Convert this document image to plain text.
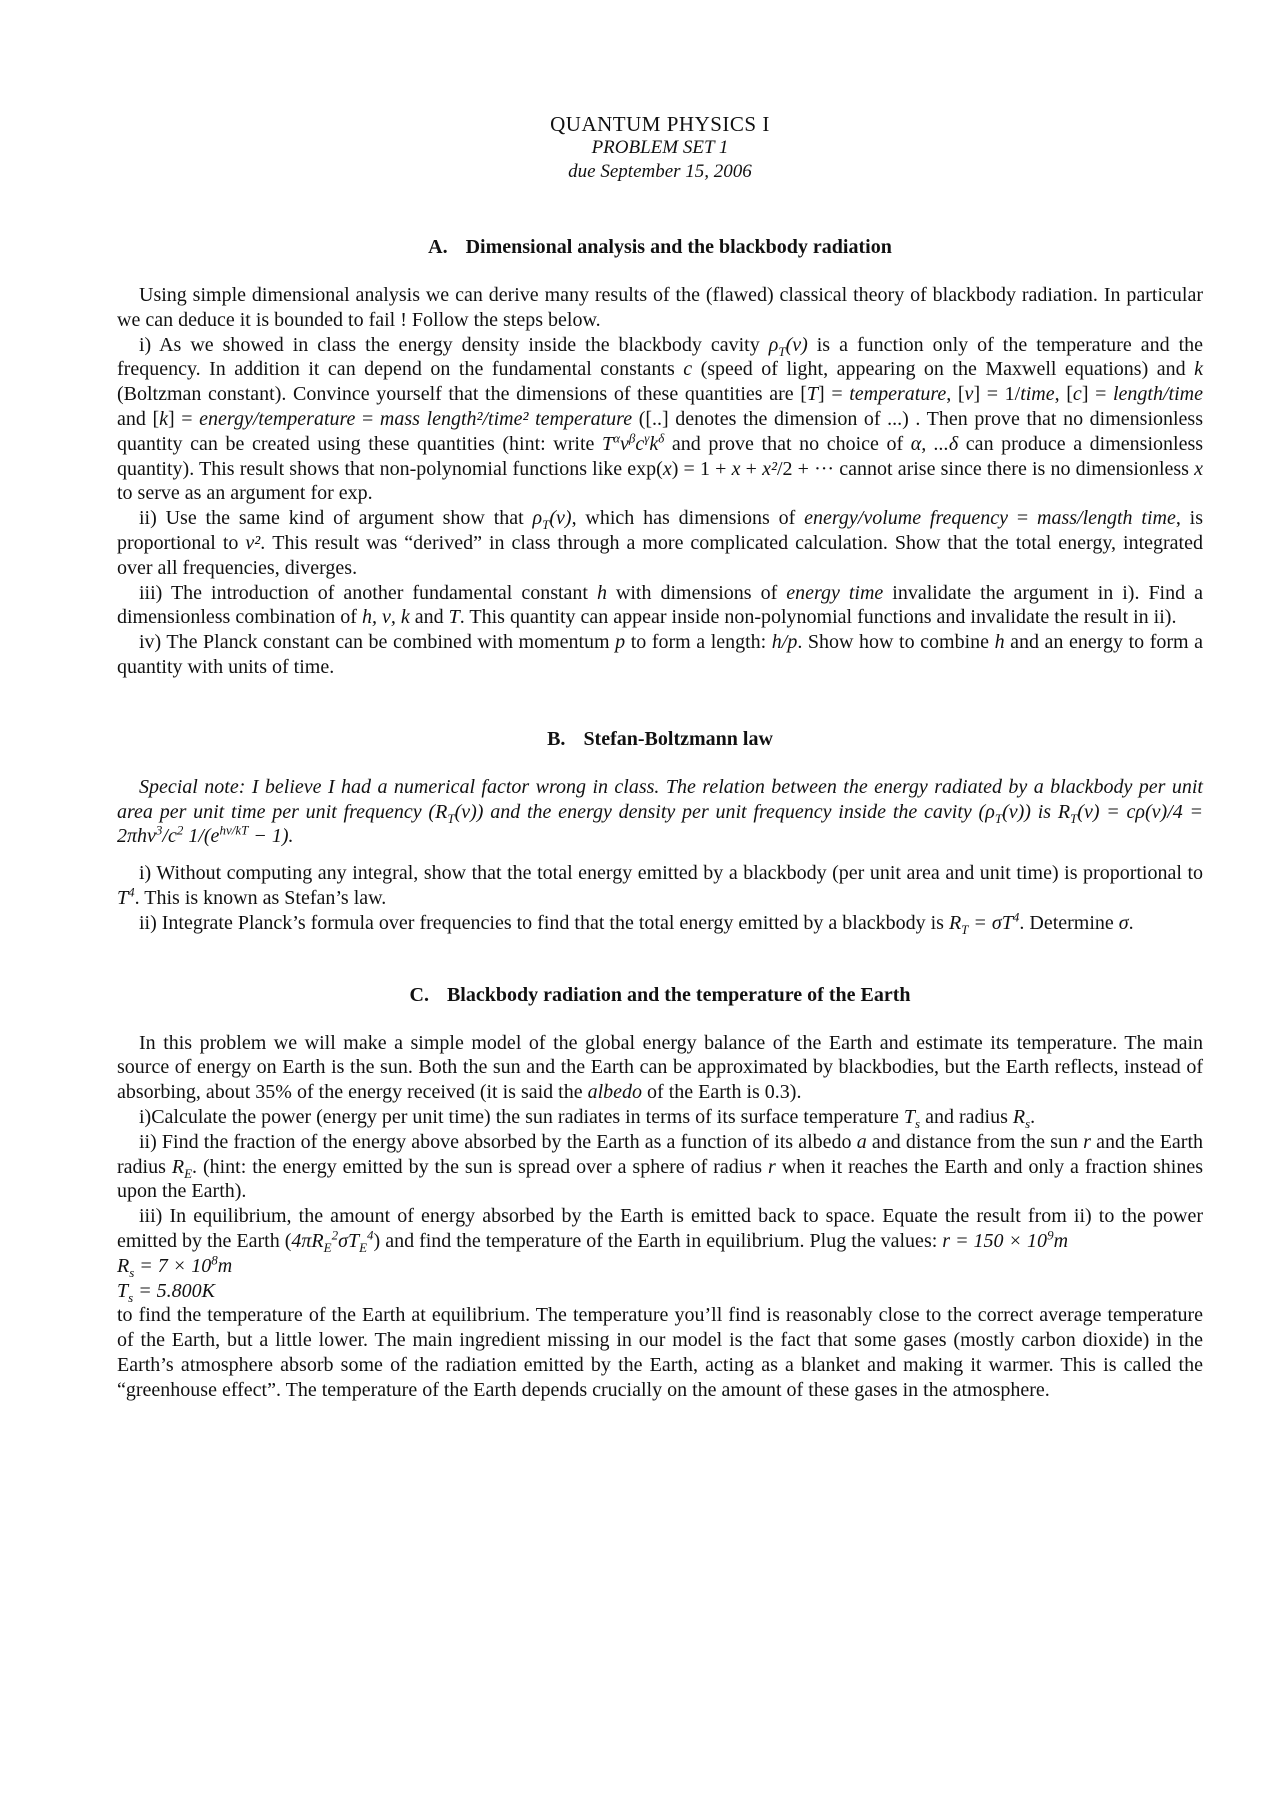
QUANTUM PHYSICS I
PROBLEM SET 1
due September 15, 2006
A. Dimensional analysis and the blackbody radiation

Using simple dimensional analysis we can derive many results of the (flawed) classical theory of blackbody radiation. In particular we can deduce it is bounded to fail ! Follow the steps below.

i) As we showed in class the energy density inside the blackbody cavity $\rho_T(\nu)$ is a function only of the temperature and the frequency. In addition it can depend on the fundamental constants c (speed of light, appearing on the Maxwell equations) and k (Boltzman constant). Convince yourself that the dimensions of these quantities are [T] = temperature, [ν] = 1/time, [c] = length/time and [k] = energy/temperature = mass length²/time² temperature ([..] denotes the dimension of ...) . Then prove that no dimensionless quantity can be created using these quantities (hint: write $T^\alpha\nu^\beta c^\gamma k^\delta$ and prove that no choice of α, ...δ can produce a dimensionless quantity). This result shows that non-polynomial functions like exp(x) = 1 + x + x²/2 + ··· cannot arise since there is no dimensionless x to serve as an argument for exp.

ii) Use the same kind of argument show that $\rho_T(\nu)$, which has dimensions of energy/volume frequency = mass/length time, is proportional to ν². This result was “derived” in class through a more complicated calculation. Show that the total energy, integrated over all frequencies, diverges.

iii) The introduction of another fundamental constant h with dimensions of energy time invalidate the argument in i). Find a dimensionless combination of h, ν, k and T. This quantity can appear inside non-polynomial functions and invalidate the result in ii).

iv) The Planck constant can be combined with momentum p to form a length: h/p. Show how to combine h and an energy to form a quantity with units of time.

B. Stefan-Boltzmann law

Special note: I believe I had a numerical factor wrong in class. The relation between the energy radiated by a blackbody per unit area per unit time per unit frequency $(R_T(\nu))$ and the energy density per unit frequency inside the cavity $(\rho_T(\nu))$ is $R_T(\nu) = c\rho(\nu)/4 = 2\pi h\nu^3/c^2$ $1/(e^{h\nu/kT} - 1)$.

i) Without computing any integral, show that the total energy emitted by a blackbody (per unit area and unit time) is proportional to $T^4$. This is known as Stefan’s law.

ii) Integrate Planck’s formula over frequencies to find that the total energy emitted by a blackbody is $R_T = \sigma T^4$. Determine σ.

C. Blackbody radiation and the temperature of the Earth

In this problem we will make a simple model of the global energy balance of the Earth and estimate its temperature. The main source of energy on Earth is the sun. Both the sun and the Earth can be approximated by blackbodies, but the Earth reflects, instead of absorbing, about 35% of the energy received (it is said the albedo of the Earth is 0.3).

i)Calculate the power (energy per unit time) the sun radiates in terms of its surface temperature $T_s$ and radius $R_s$.

ii) Find the fraction of the energy above absorbed by the Earth as a function of its albedo a and distance from the sun r and the Earth radius $R_E$. (hint: the energy emitted by the sun is spread over a sphere of radius r when it reaches the Earth and only a fraction shines upon the Earth).

iii) In equilibrium, the amount of energy absorbed by the Earth is emitted back to space. Equate the result from ii) to the power emitted by the Earth $(4\pi R_E^2\sigma T_E^4)$ and find the temperature of the Earth in equilibrium. Plug the values: $r = 150 \times 10^9m$

$R_s = 7 \times 10^8m$

$T_s = 5.800K$

to find the temperature of the Earth at equilibrium. The temperature you’ll find is reasonably close to the correct average temperature of the Earth, but a little lower. The main ingredient missing in our model is the fact that some gases (mostly carbon dioxide) in the Earth’s atmosphere absorb some of the radiation emitted by the Earth, acting as a blanket and making it warmer. This is called the “greenhouse effect”. The temperature of the Earth depends crucially on the amount of these gases in the atmosphere.
